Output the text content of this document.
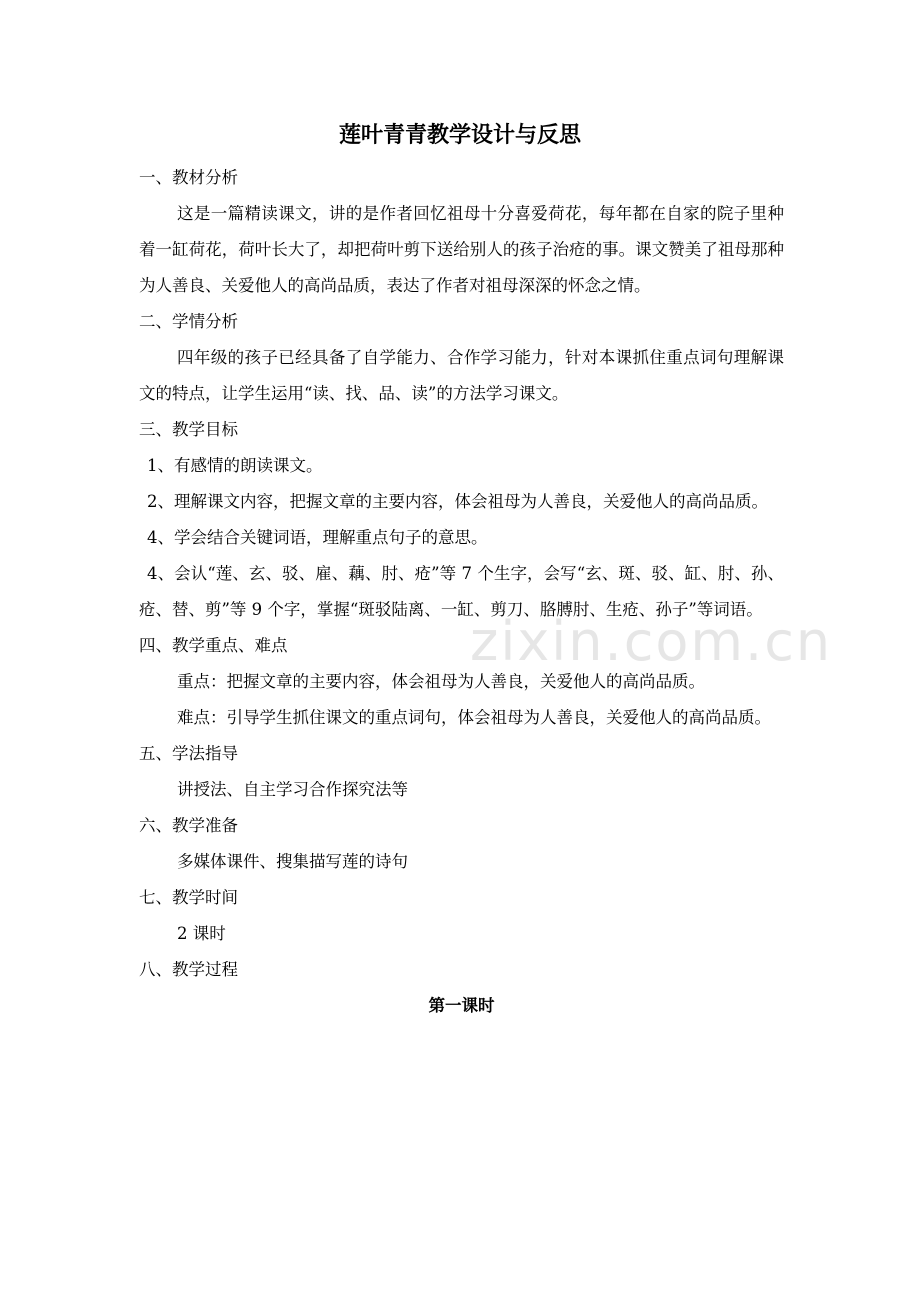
zixin.com.cn
莲叶青青教学设计与反思

一、教材分析

这是一篇精读课文，讲的是作者回忆祖母十分喜爱荷花，每年都在自家的院子里种着一缸荷花，荷叶长大了，却把荷叶剪下送给别人的孩子治疮的事。课文赞美了祖母那种为人善良、关爱他人的高尚品质，表达了作者对祖母深深的怀念之情。

二、学情分析

四年级的孩子已经具备了自学能力、合作学习能力，针对本课抓住重点词句理解课文的特点，让学生运用“读、找、品、读”的方法学习课文。

三、教学目标

1、有感情的朗读课文。

2、理解课文内容，把握文章的主要内容，体会祖母为人善良，关爱他人的高尚品质。

4、学会结合关键词语，理解重点句子的意思。

4、会认“莲、玄、驳、雇、藕、肘、疮”等 7 个生字，会写“玄、斑、驳、缸、肘、孙、疮、替、剪”等 9 个字，掌握“斑驳陆离、一缸、剪刀、胳膊肘、生疮、孙子”等词语。

四、教学重点、难点

重点：把握文章的主要内容，体会祖母为人善良，关爱他人的高尚品质。

难点：引导学生抓住课文的重点词句，体会祖母为人善良，关爱他人的高尚品质。

五、学法指导

讲授法、自主学习合作探究法等

六、教学准备

多媒体课件、搜集描写莲的诗句

七、教学时间

2 课时

八、教学过程

第一课时
